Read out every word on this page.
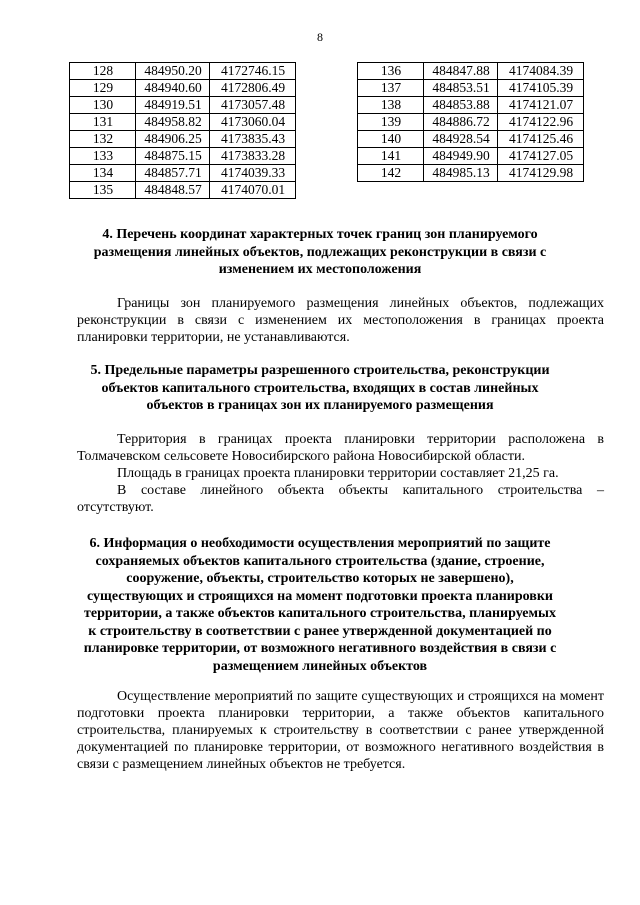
8
128	484950.20	4172746.15
129	484940.60	4172806.49
130	484919.51	4173057.48
131	484958.82	4173060.04
132	484906.25	4173835.43
133	484875.15	4173833.28
134	484857.71	4174039.33
135	484848.57	4174070.01
136	484847.88	4174084.39
137	484853.51	4174105.39
138	484853.88	4174121.07
139	484886.72	4174122.96
140	484928.54	4174125.46
141	484949.90	4174127.05
142	484985.13	4174129.98
4. Перечень координат характерных точек границ зон планируемого размещения линейных объектов, подлежащих реконструкции в связи с изменением их местоположения

Границы зон планируемого размещения линейных объектов, подлежащих реконструкции в связи с изменением их местоположения в границах проекта планировки территории, не устанавливаются.

5. Предельные параметры разрешенного строительства, реконструкции объектов капитального строительства, входящих в состав линейных объектов в границах зон их планируемого размещения

Территория в границах проекта планировки территории расположена в Толмачевском сельсовете Новосибирского района Новосибирской области.

Площадь в границах проекта планировки территории составляет 21,25 га.

В составе линейного объекта объекты капитального строительства – отсутствуют.

6. Информация о необходимости осуществления мероприятий по защите сохраняемых объектов капитального строительства (здание, строение, сооружение, объекты, строительство которых не завершено), существующих и строящихся на момент подготовки проекта планировки территории, а также объектов капитального строительства, планируемых к строительству в соответствии с ранее утвержденной документацией по планировке территории, от возможного негативного воздействия в связи с размещением линейных объектов

Осуществление мероприятий по защите существующих и строящихся на момент подготовки проекта планировки территории, а также объектов капитального строительства, планируемых к строительству в соответствии с ранее утвержденной документацией по планировке территории, от возможного негативного воздействия в связи с размещением линейных объектов не требуется.
